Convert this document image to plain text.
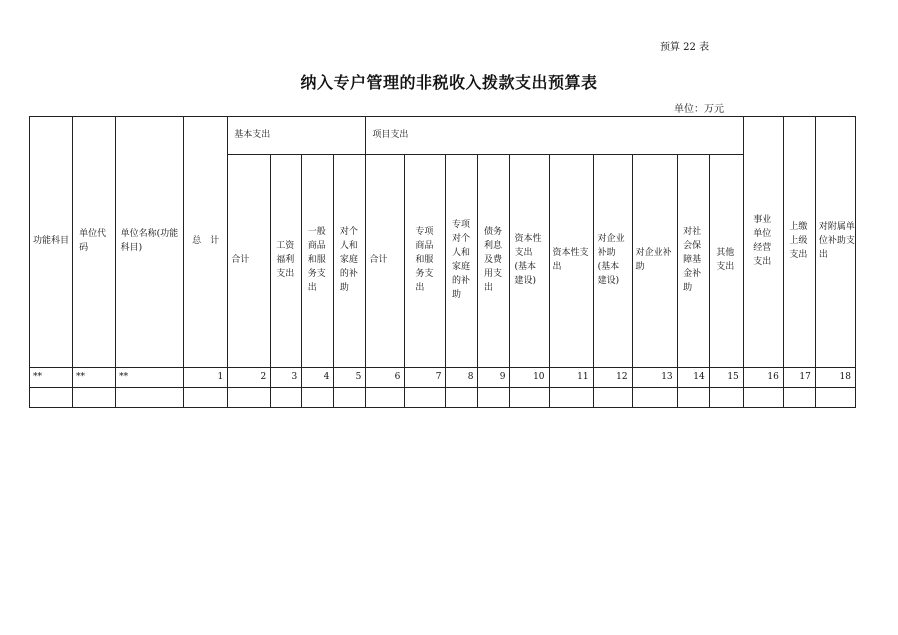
预算 22 表
纳入专户管理的非税收入拨款支出预算表
单位：万元
功能科目	单位代码	单位名称(功能科目)	总　计	基本支出				项目支出										事业单位经营支出	上缴上级支出	对附属单位补助支出

				合计	工资福利支出	一般商品和服务支出	对个人和家庭的补助	合计	专项商品和服务支出	专项对个人和家庭的补助	债务利息及费用支出	资本性支出(基本建设)	资本性支出	对企业补助(基本建设)	对企业补助	对社会保障基金补助	其他支出			

**	**	**	1	2	3	4	5	6	7	8	9	10	11	12	13	14	15	16	17	18
